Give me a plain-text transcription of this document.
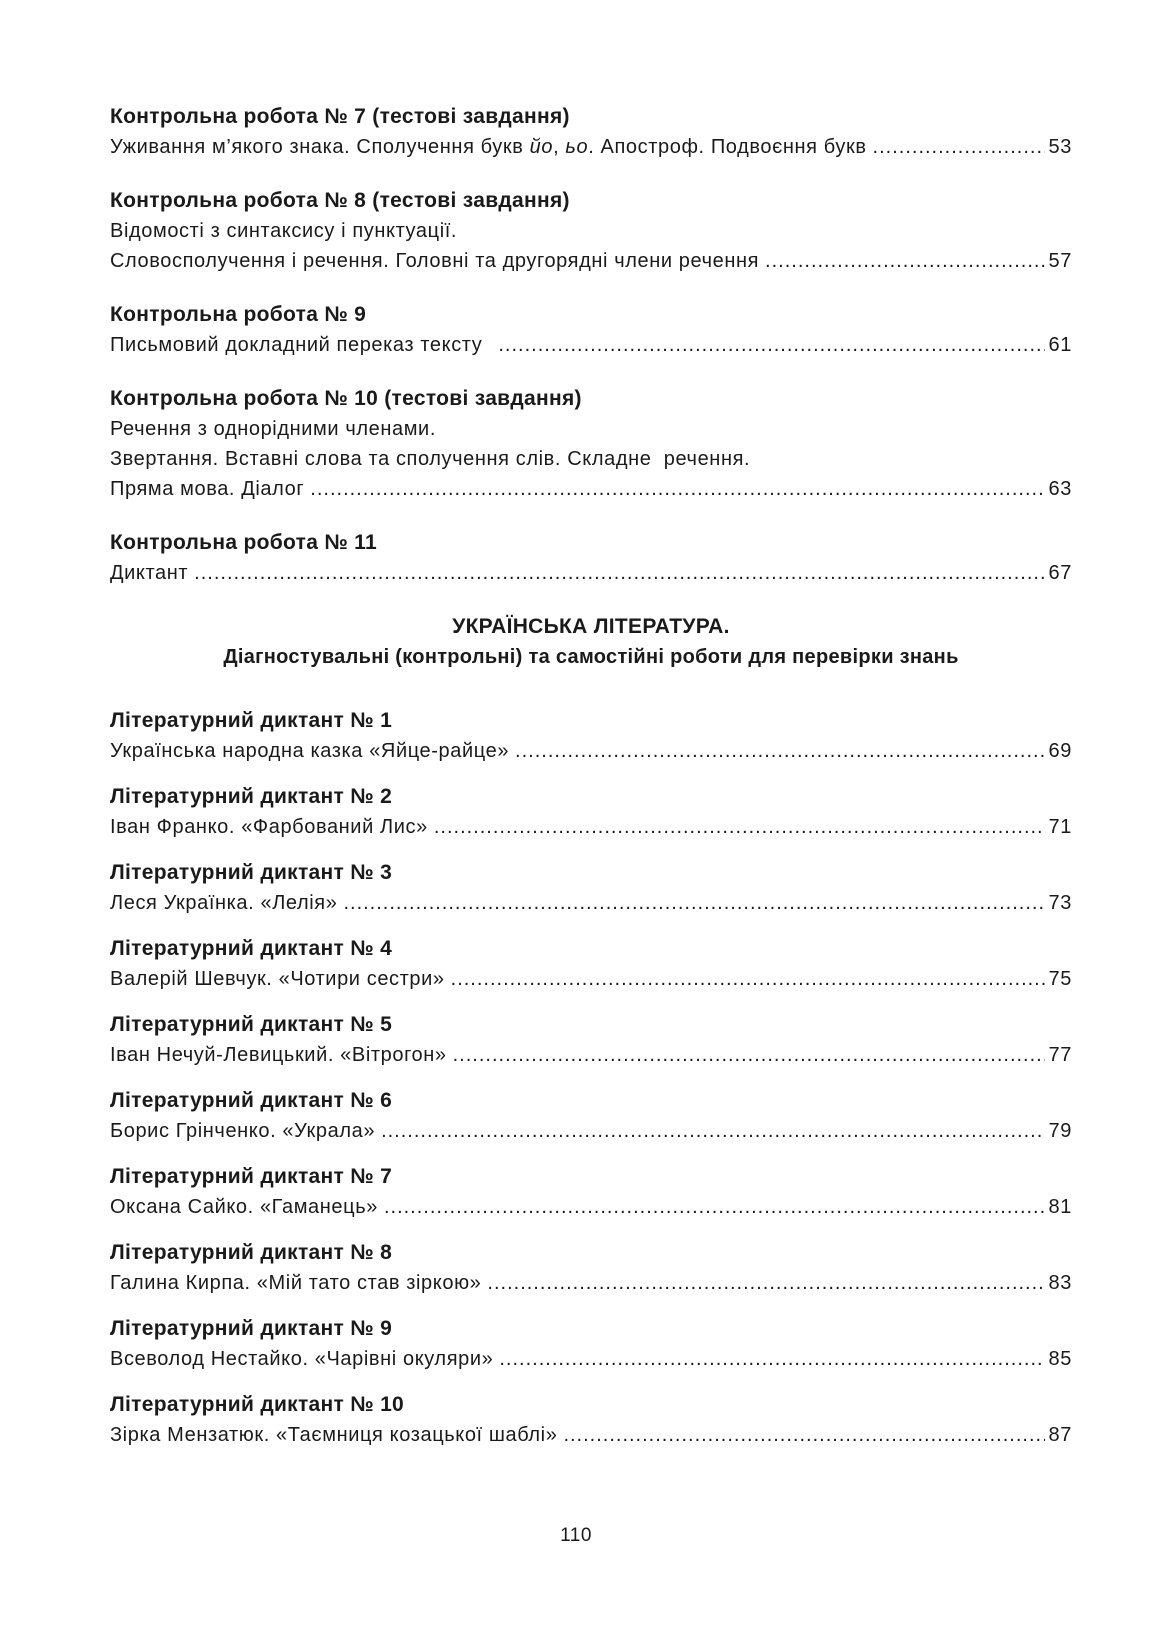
Контрольна робота № 7 (тестові завдання)
Уживання м’якого знака. Сполучення букв йо, ьо. Апостроф. Подвоєння букв .....	53
Контрольна робота № 8 (тестові завдання)
Відомості з синтаксису і пунктуації.
Словосполучення і речення. Головні та другорядні члени речення .....	57
Контрольна робота № 9
Письмовий докладний переказ тексту .....	61
Контрольна робота № 10 (тестові завдання)
Речення з однорідними членами.
Звертання. Вставні слова та сполучення слів. Складне  речення.
Пряма мова. Діалог .....	63
Контрольна робота № 11
Диктант .....	67
УКРАЇНСЬКА ЛІТЕРАТУРА.
Діагностувальні (контрольні) та самостійні роботи для перевірки знань
Літературний диктант № 1
Українська народна казка «Яйце-райце» .....	69
Літературний диктант № 2
Іван Франко. «Фарбований Лис» .....	71
Літературний диктант № 3
Леся Українка. «Лелія» .....	73
Літературний диктант № 4
Валерій Шевчук. «Чотири сестри» .....	75
Літературний диктант № 5
Іван Нечуй-Левицький. «Вітрогон» .....	77
Літературний диктант № 6
Борис Грінченко. «Украла» .....	79
Літературний диктант № 7
Оксана Сайко. «Гаманець» .....	81
Літературний диктант № 8
Галина Кирпа. «Мій тато став зіркою» .....	83
Літературний диктант № 9
Всеволод Нестайко. «Чарівні окуляри» .....	85
Літературний диктант № 10
Зірка Мензатюк. «Таємниця козацької шаблі» .....	87
110
